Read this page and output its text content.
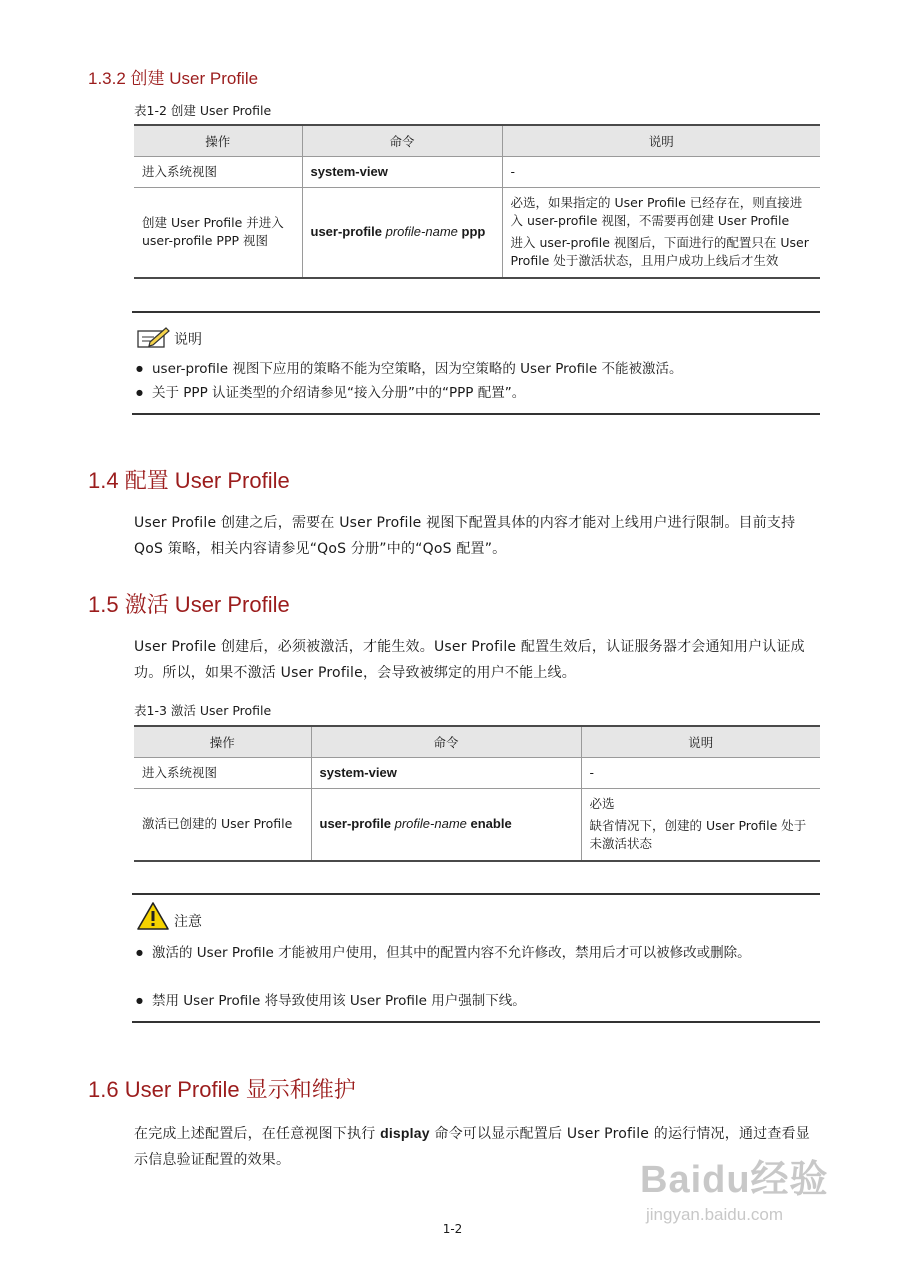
1.3.2 创建 User Profile
表1-2 创建 User Profile
操作	命令	说明
进入系统视图	system-view	-
创建 User Profile 并进入 user-profile PPP 视图	user-profile profile-name ppp	必选，如果指定的 User Profile 已经存在，则直接进入 user-profile 视图，不需要再创建 User Profile
进入 user-profile 视图后，下面进行的配置只在 User Profile 处于激活状态，且用户成功上线后才生效
说明
● user-profile 视图下应用的策略不能为空策略，因为空策略的 User Profile 不能被激活。
● 关于 PPP 认证类型的介绍请参见“接入分册”中的“PPP 配置”。
1.4 配置 User Profile
User Profile 创建之后，需要在 User Profile 视图下配置具体的内容才能对上线用户进行限制。目前支持 QoS 策略，相关内容请参见“QoS 分册”中的“QoS 配置”。
1.5 激活 User Profile
User Profile 创建后，必须被激活，才能生效。User Profile 配置生效后，认证服务器才会通知用户认证成功。所以，如果不激活 User Profile，会导致被绑定的用户不能上线。
表1-3 激活 User Profile
操作	命令	说明
进入系统视图	system-view	-
激活已创建的 User Profile	user-profile profile-name enable	必选
缺省情况下，创建的 User Profile 处于未激活状态
注意
● 激活的 User Profile 才能被用户使用，但其中的配置内容不允许修改，禁用后才可以被修改或删除。
● 禁用 User Profile 将导致使用该 User Profile 用户强制下线。
1.6 User Profile 显示和维护
在完成上述配置后，在任意视图下执行 display 命令可以显示配置后 User Profile 的运行情况，通过查看显示信息验证配置的效果。	Baidu经验
jingyan.baidu.com
1-2
